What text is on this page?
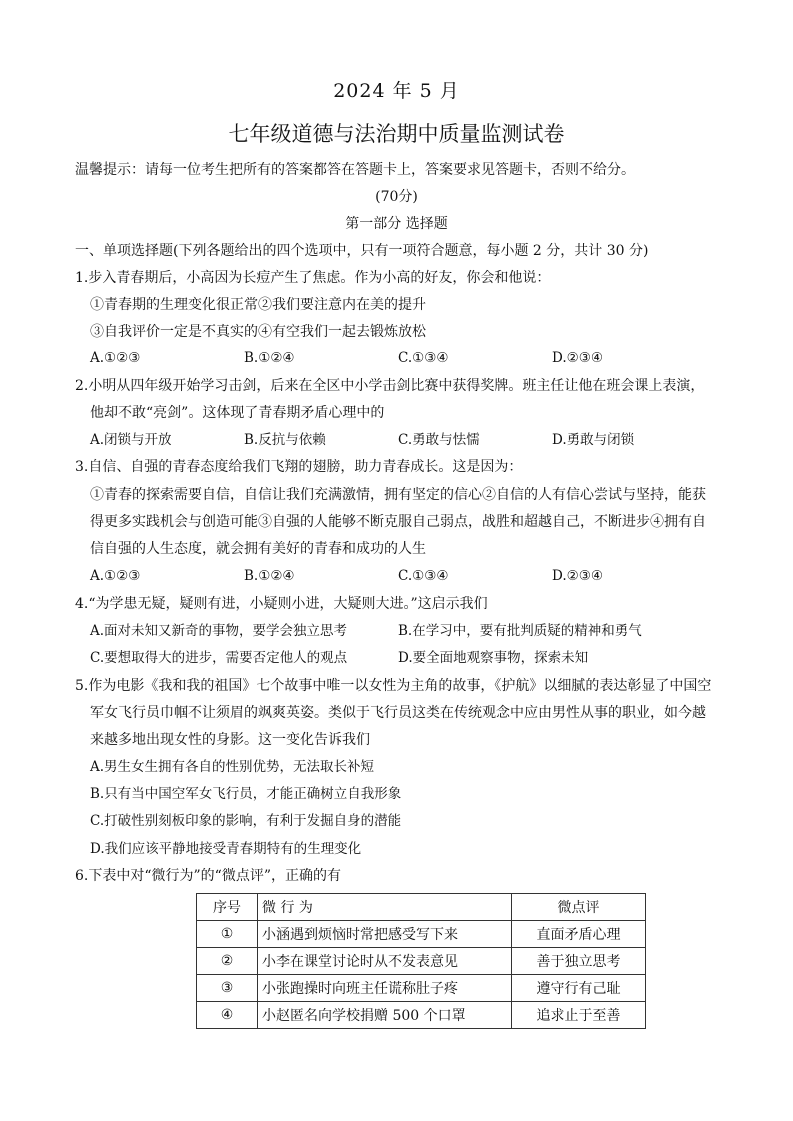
2024 年 5 月
七年级道德与法治期中质量监测试卷
温馨提示：请每一位考生把所有的答案都答在答题卡上，答案要求见答题卡，否则不给分。
(70分)
第一部分 选择题
一、单项选择题(下列各题给出的四个选项中，只有一项符合题意，每小题 2 分，共计 30 分)
1.步入青春期后，小高因为长痘产生了焦虑。作为小高的好友，你会和他说：
①青春期的生理变化很正常②我们要注意内在美的提升
③自我评价一定是不真实的④有空我们一起去锻炼放松
A.①②③	B.①②④	C.①③④	D.②③④
2.小明从四年级开始学习击剑，后来在全区中小学击剑比赛中获得奖牌。班主任让他在班会课上表演，
他却不敢“亮剑”。这体现了青春期矛盾心理中的
A.闭锁与开放	B.反抗与依赖	C.勇敢与怯懦	D.勇敢与闭锁
3.自信、自强的青春态度给我们飞翔的翅膀，助力青春成长。这是因为：
①青春的探索需要自信，自信让我们充满激情，拥有坚定的信心②自信的人有信心尝试与坚持，能获
得更多实践机会与创造可能③自强的人能够不断克服自己弱点，战胜和超越自己，不断进步④拥有自
信自强的人生态度，就会拥有美好的青春和成功的人生
A.①②③	B.①②④	C.①③④	D.②③④
4.“为学患无疑，疑则有进，小疑则小进，大疑则大进。”这启示我们
A.面对未知又新奇的事物，要学会独立思考	B.在学习中，要有批判质疑的精神和勇气
C.要想取得大的进步，需要否定他人的观点	D.要全面地观察事物，探索未知
5.作为电影《我和我的祖国》七个故事中唯一以女性为主角的故事，《护航》以细腻的表达彰显了中国空
军女飞行员巾帼不让须眉的飒爽英姿。类似于飞行员这类在传统观念中应由男性从事的职业，如今越
来越多地出现女性的身影。这一变化告诉我们
A.男生女生拥有各自的性别优势，无法取长补短
B.只有当中国空军女飞行员，才能正确树立自我形象
C.打破性别刻板印象的影响，有利于发掘自身的潜能
D.我们应该平静地接受青春期特有的生理变化
6.下表中对“微行为”的“微点评”，正确的有
序号	微 行 为	微点评
①	小涵遇到烦恼时常把感受写下来	直面矛盾心理
②	小李在课堂讨论时从不发表意见	善于独立思考
③	小张跑操时向班主任谎称肚子疼	遵守行有己耻
④	小赵匿名向学校捐赠 500 个口罩	追求止于至善
